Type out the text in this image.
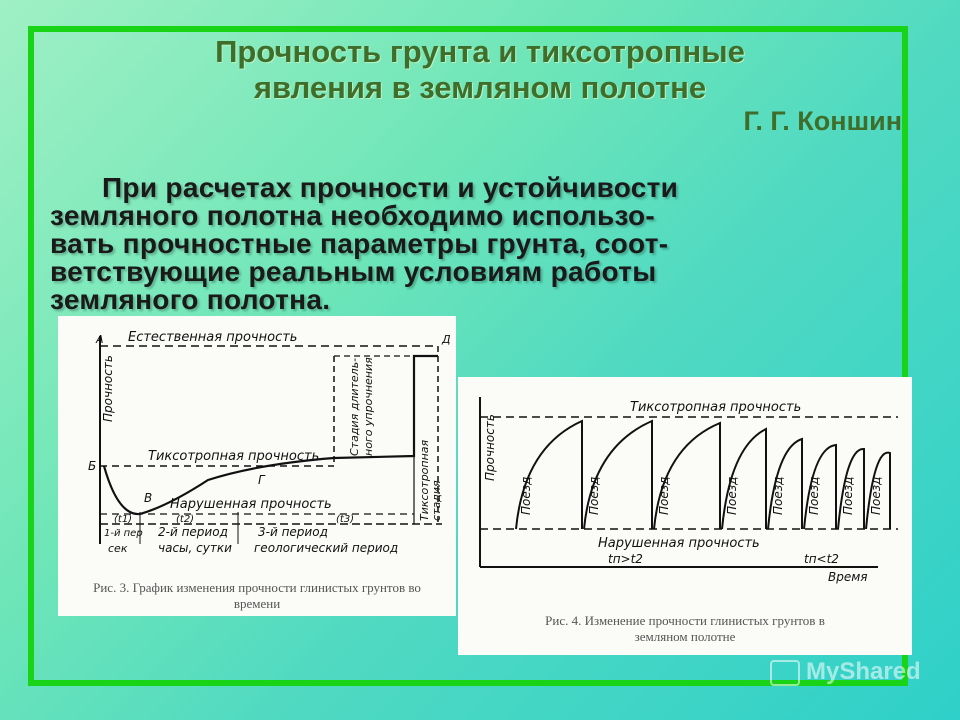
Прочность грунта и тиксотропные
явления в земляном полотне
Г. Г. Коншин
При расчетах прочности и устойчивости
земляного полотна необходимо использо-
вать прочностные параметры грунта, соот-
ветствующие реальным условиям работы
земляного полотна.
Прочность
Естественная прочность
Тиксотропная прочность
Нарушенная прочность
А
Б
В
Г
Д
Стадия длитель- ного упрочнения
Тиксотропная стадия
(t1)	(t2)	(t3)
1-й пер 2-й период	3-й период
сек	часы, сутки геологический период
Рис. 3. График изменения прочности глинистых грунтов во
времени
Поезд	Поезд	Поезд	Поезд	Поезд Поезд Поезд Поезд
Тиксотропная прочность
Нарушенная прочность
Прочность
tп>t2	tп<t2
Время
Рис. 4. Изменение прочности глинистых грунтов в
земляном полотне
MyShared
